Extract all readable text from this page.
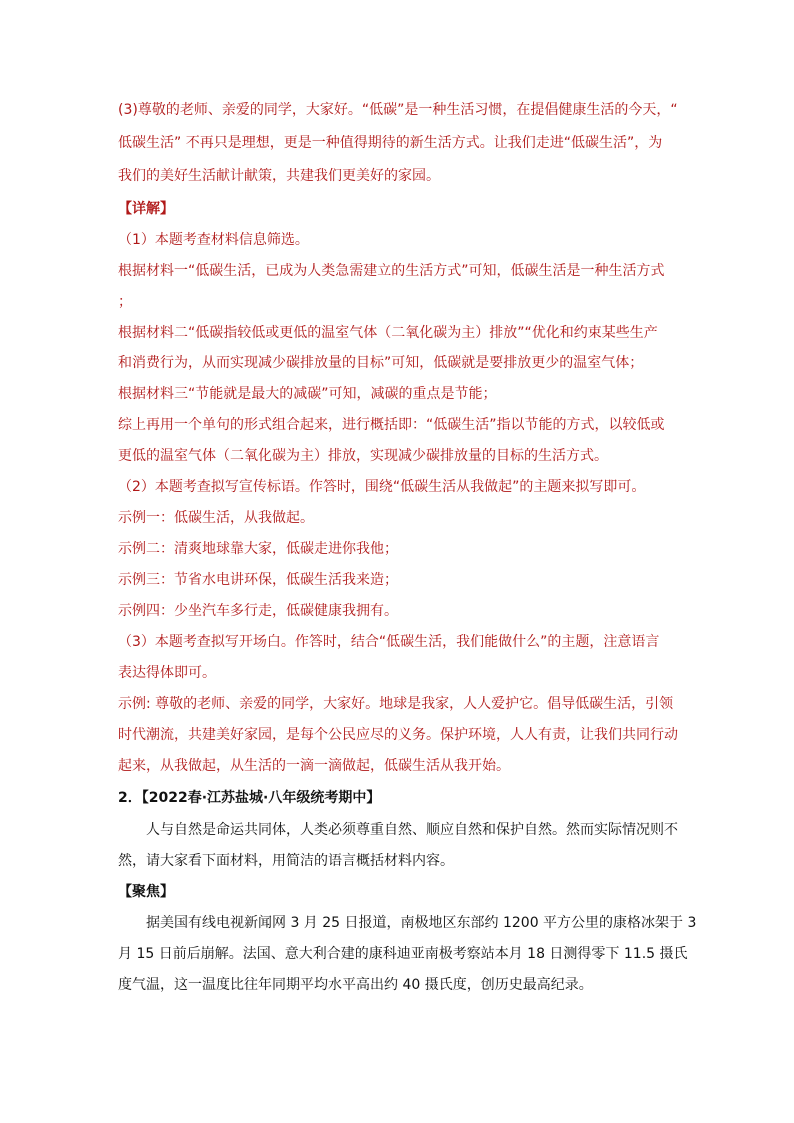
(3)尊敬的老师、亲爱的同学，大家好。“低碳”是一种生活习惯，在提倡健康生活的今天，“
低碳生活” 不再只是理想，更是一种值得期待的新生活方式。让我们走进“低碳生活”，为
我们的美好生活献计献策，共建我们更美好的家园。
【详解】
（1）本题考查材料信息筛选。
根据材料一“低碳生活，已成为人类急需建立的生活方式”可知，低碳生活是一种生活方式
；
根据材料二“低碳指较低或更低的温室气体（二氧化碳为主）排放”“优化和约束某些生产
和消费行为，从而实现减少碳排放量的目标”可知，低碳就是要排放更少的温室气体；
根据材料三“节能就是最大的减碳”可知，减碳的重点是节能；
综上再用一个单句的形式组合起来，进行概括即：“低碳生活”指以节能的方式，以较低或
更低的温室气体（二氧化碳为主）排放，实现减少碳排放量的目标的生活方式。
（2）本题考查拟写宣传标语。作答时，围绕“低碳生活从我做起”的主题来拟写即可。
示例一：低碳生活，从我做起。
示例二：清爽地球靠大家，低碳走进你我他；
示例三：节省水电讲环保，低碳生活我来造；
示例四：少坐汽车多行走，低碳健康我拥有。
（3）本题考查拟写开场白。作答时，结合“低碳生活，我们能做什么”的主题，注意语言
表达得体即可。
示例: 尊敬的老师、亲爱的同学，大家好。地球是我家，人人爱护它。倡导低碳生活，引领
时代潮流，共建美好家园，是每个公民应尽的义务。保护环境，人人有责，让我们共同行动
起来，从我做起，从生活的一滴一滴做起，低碳生活从我开始。
2．【2022春·江苏盐城·八年级统考期中】
人与自然是命运共同体，人类必须尊重自然、顺应自然和保护自然。然而实际情况则不
然，请大家看下面材料，用简洁的语言概括材料内容。
【聚焦】
据美国有线电视新闻网 3 月 25 日报道，南极地区东部约 1200 平方公里的康格冰架于 3
月 15 日前后崩解。法国、意大利合建的康科迪亚南极考察站本月 18 日测得零下 11.5 摄氏
度气温，这一温度比往年同期平均水平高出约 40 摄氏度，创历史最高纪录。
